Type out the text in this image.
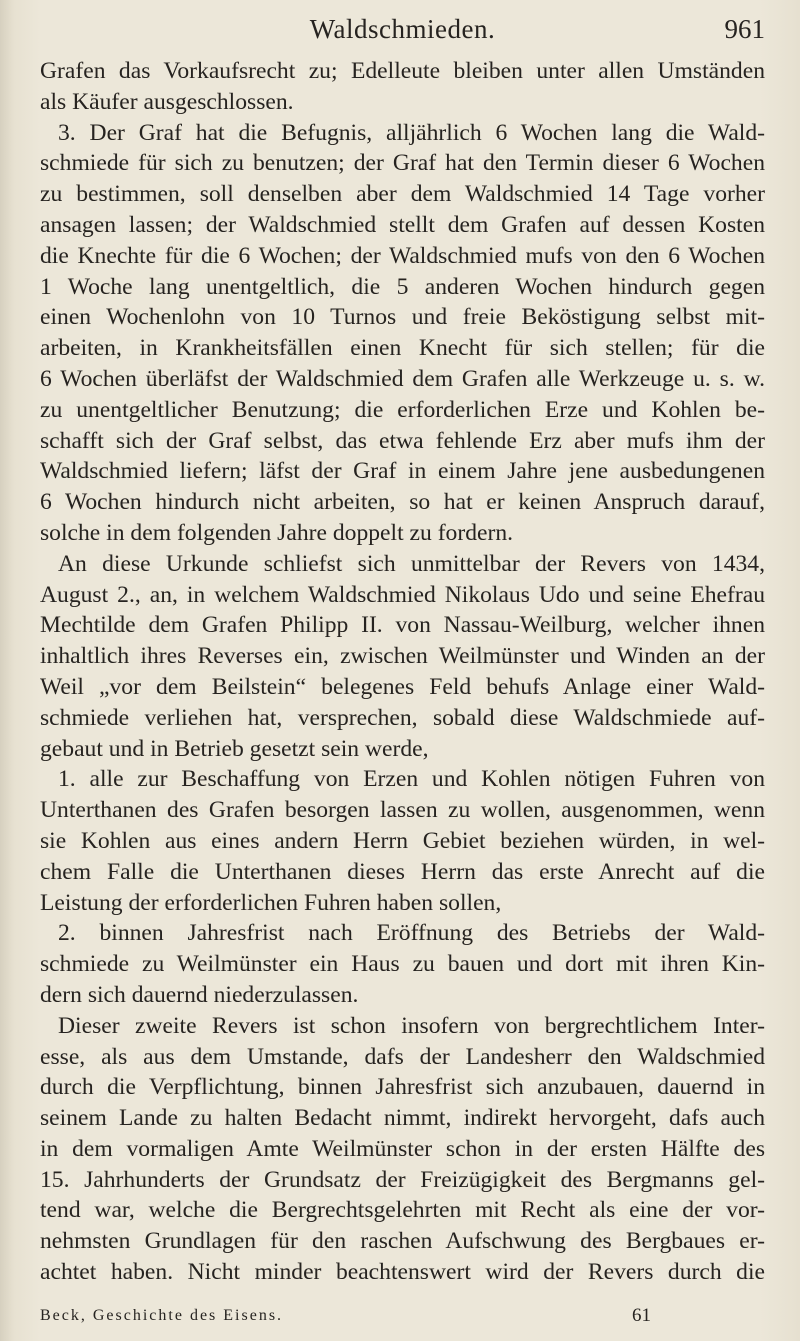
Waldschmieden.	961
Grafen das Vorkaufsrecht zu; Edelleute bleiben unter allen Umständen
als Käufer ausgeschlossen.
3. Der Graf hat die Befugnis, alljährlich 6 Wochen lang die Wald-
schmiede für sich zu benutzen; der Graf hat den Termin dieser 6 Wochen
zu bestimmen, soll denselben aber dem Waldschmied 14 Tage vorher
ansagen lassen; der Waldschmied stellt dem Grafen auf dessen Kosten
die Knechte für die 6 Wochen; der Waldschmied mufs von den 6 Wochen
1 Woche lang unentgeltlich, die 5 anderen Wochen hindurch gegen
einen Wochenlohn von 10 Turnos und freie Beköstigung selbst mit-
arbeiten, in Krankheitsfällen einen Knecht für sich stellen; für die
6 Wochen überläfst der Waldschmied dem Grafen alle Werkzeuge u. s. w.
zu unentgeltlicher Benutzung; die erforderlichen Erze und Kohlen be-
schafft sich der Graf selbst, das etwa fehlende Erz aber mufs ihm der
Waldschmied liefern; läfst der Graf in einem Jahre jene ausbedungenen
6 Wochen hindurch nicht arbeiten, so hat er keinen Anspruch darauf,
solche in dem folgenden Jahre doppelt zu fordern.
An diese Urkunde schliefst sich unmittelbar der Revers von 1434,
August 2., an, in welchem Waldschmied Nikolaus Udo und seine Ehefrau
Mechtilde dem Grafen Philipp II. von Nassau-Weilburg, welcher ihnen
inhaltlich ihres Reverses ein, zwischen Weilmünster und Winden an der
Weil „vor dem Beilstein“ belegenes Feld behufs Anlage einer Wald-
schmiede verliehen hat, versprechen, sobald diese Waldschmiede auf-
gebaut und in Betrieb gesetzt sein werde,
1. alle zur Beschaffung von Erzen und Kohlen nötigen Fuhren von
Unterthanen des Grafen besorgen lassen zu wollen, ausgenommen, wenn
sie Kohlen aus eines andern Herrn Gebiet beziehen würden, in wel-
chem Falle die Unterthanen dieses Herrn das erste Anrecht auf die
Leistung der erforderlichen Fuhren haben sollen,
2. binnen Jahresfrist nach Eröffnung des Betriebs der Wald-
schmiede zu Weilmünster ein Haus zu bauen und dort mit ihren Kin-
dern sich dauernd niederzulassen.
Dieser zweite Revers ist schon insofern von bergrechtlichem Inter-
esse, als aus dem Umstande, dafs der Landesherr den Waldschmied
durch die Verpflichtung, binnen Jahresfrist sich anzubauen, dauernd in
seinem Lande zu halten Bedacht nimmt, indirekt hervorgeht, dafs auch
in dem vormaligen Amte Weilmünster schon in der ersten Hälfte des
15. Jahrhunderts der Grundsatz der Freizügigkeit des Bergmanns gel-
tend war, welche die Bergrechtsgelehrten mit Recht als eine der vor-
nehmsten Grundlagen für den raschen Aufschwung des Bergbaues er-
achtet haben. Nicht minder beachtenswert wird der Revers durch die
Beck, Geschichte des Eisens.	61
